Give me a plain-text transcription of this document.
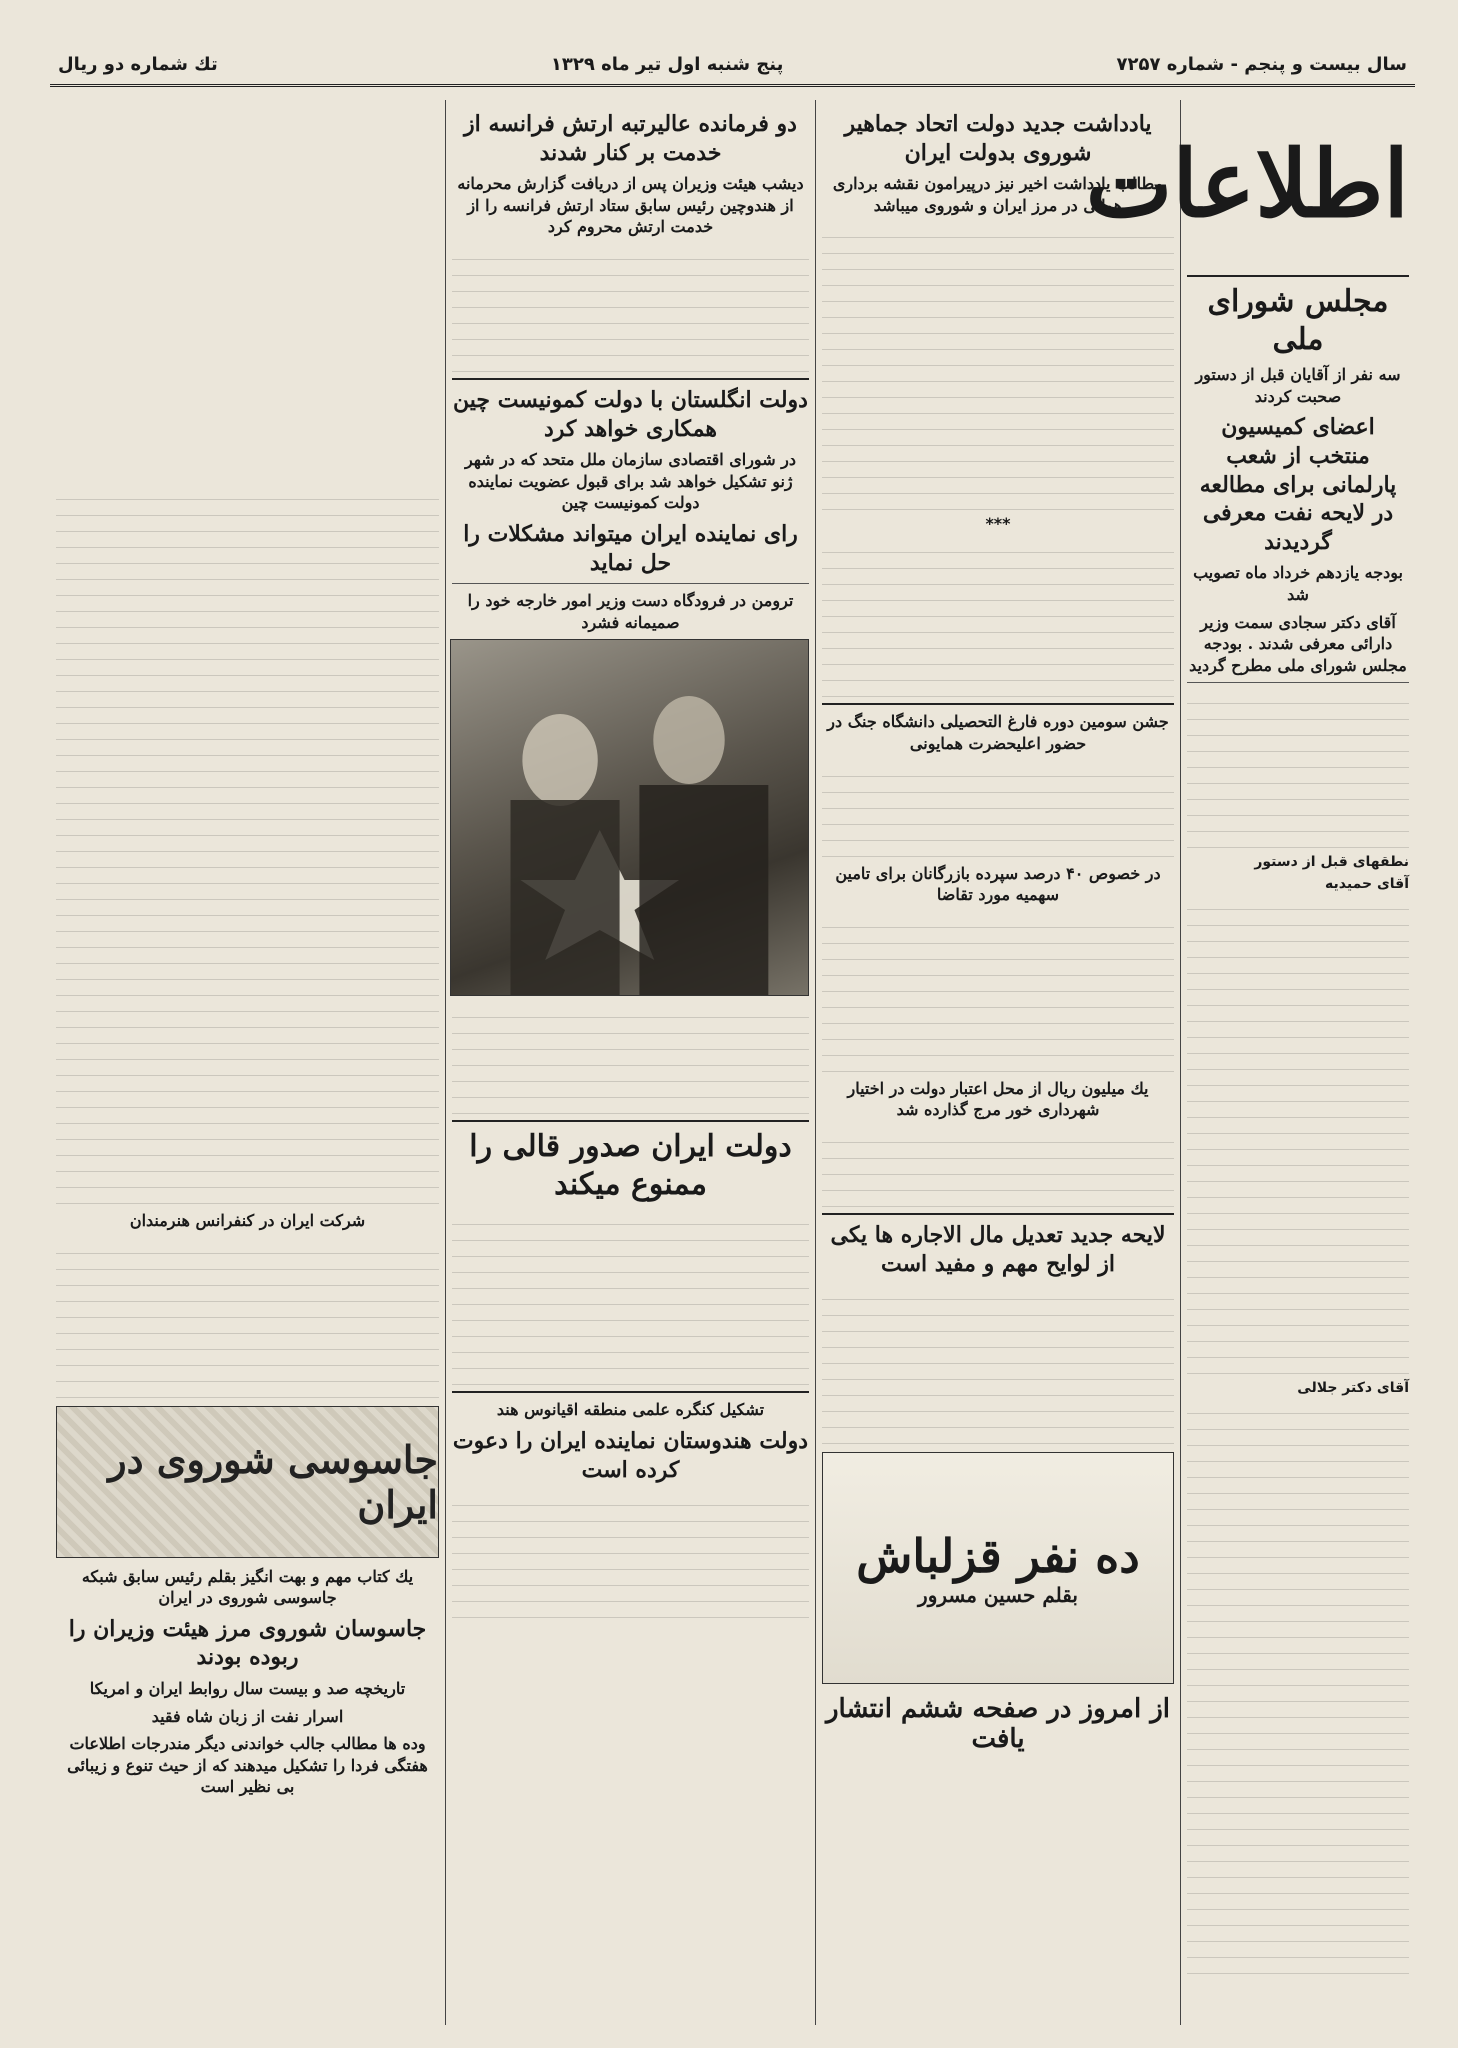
سال بیست و پنجم - شماره ۷۲۵۷
پنج شنبه اول تیر ماه ۱۳۲۹
تك شماره دو ريال
اطلاعات
مجلس شورای ملی
سه نفر از آقایان قبل از دستور صحبت کردند
اعضای کمیسیون منتخب از شعب پارلمانی برای مطالعه در لایحه نفت معرفی گردیدند
بودجه یازدهم خرداد ماه تصویب شد
آقای دکتر سجادی سمت وزیر دارائی معرفی شدند . بودجه مجلس شورای ملی مطرح گردید
نطقهای قبل از دستور
آقای حمیدیه
آقای دکتر جلالی
یادداشت جدید دولت اتحاد جماهیر شوروی بدولت ایران
مطالب یادداشت اخیر نیز درپیرامون نقشه برداری هوائی در مرز ایران و شوروی میباشد
***
جشن سومین دوره فارغ التحصیلی دانشگاه جنگ در حضور اعلیحضرت همایونی
در خصوص ۴۰ درصد سپرده بازرگانان برای تامین سهمیه مورد تقاضا
یك میلیون ریال از محل اعتبار دولت در اختیار شهرداری خور مرج گذارده شد
لایحه جدید تعدیل مال الاجاره ها یکی از لوایح مهم و مفید است
ده نفر قزلباش
بقلم حسین مسرور
از امروز در صفحه ششم انتشار یافت
دو فرمانده عالیرتبه ارتش فرانسه از خدمت بر کنار شدند
دیشب هیئت وزیران پس از دریافت گزارش محرمانه از هندوچین رئیس سابق ستاد ارتش فرانسه را از خدمت ارتش محروم کرد
دولت انگلستان با دولت کمونیست چین همکاری خواهد کرد
در شورای اقتصادی سازمان ملل متحد که در شهر ژنو تشکیل خواهد شد برای قبول عضویت نماینده دولت کمونیست چین
رای نماینده ایران میتواند مشکلات را حل نماید
ترومن در فرودگاه دست وزیر امور خارجه خود را صمیمانه فشرد
دولت ایران صدور قالی را ممنوع میکند
تشکیل کنگره علمی منطقه اقیانوس هند
دولت هندوستان نماینده ایران را دعوت کرده است
شرکت ایران در کنفرانس هنرمندان
جاسوسی شوروی در ایران
يك كتاب مهم و بهت انگیز بقلم رئیس سابق شبکه جاسوسی شوروی در ایران
جاسوسان شوروی مرز هیئت وزیران را ربوده بودند
تاریخچه صد و بیست سال روابط ایران و امریکا
اسرار نفت از زبان شاه فقید
وده ها مطالب جالب خواندنی دیگر مندرجات اطلاعات هفتگی فردا را تشکیل میدهند که از حیث تنوع و زیبائی بی نظیر است
